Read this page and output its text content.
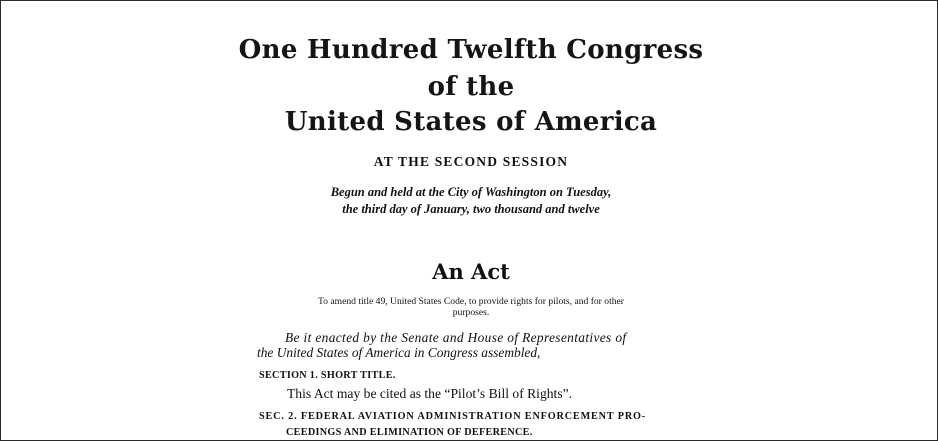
One Hundred Twelfth Congress
of the
United States of America
AT THE SECOND SESSION
Begun and held at the City of Washington on Tuesday,
the third day of January, two thousand and twelve
An Act
To amend title 49, United States Code, to provide rights for pilots, and for other
purposes.
Be it enacted by the Senate and House of Representatives of
the United States of America in Congress assembled,
SECTION 1. SHORT TITLE.
This Act may be cited as the “Pilot’s Bill of Rights”.
SEC. 2. FEDERAL AVIATION ADMINISTRATION ENFORCEMENT PRO-
CEEDINGS AND ELIMINATION OF DEFERENCE.
